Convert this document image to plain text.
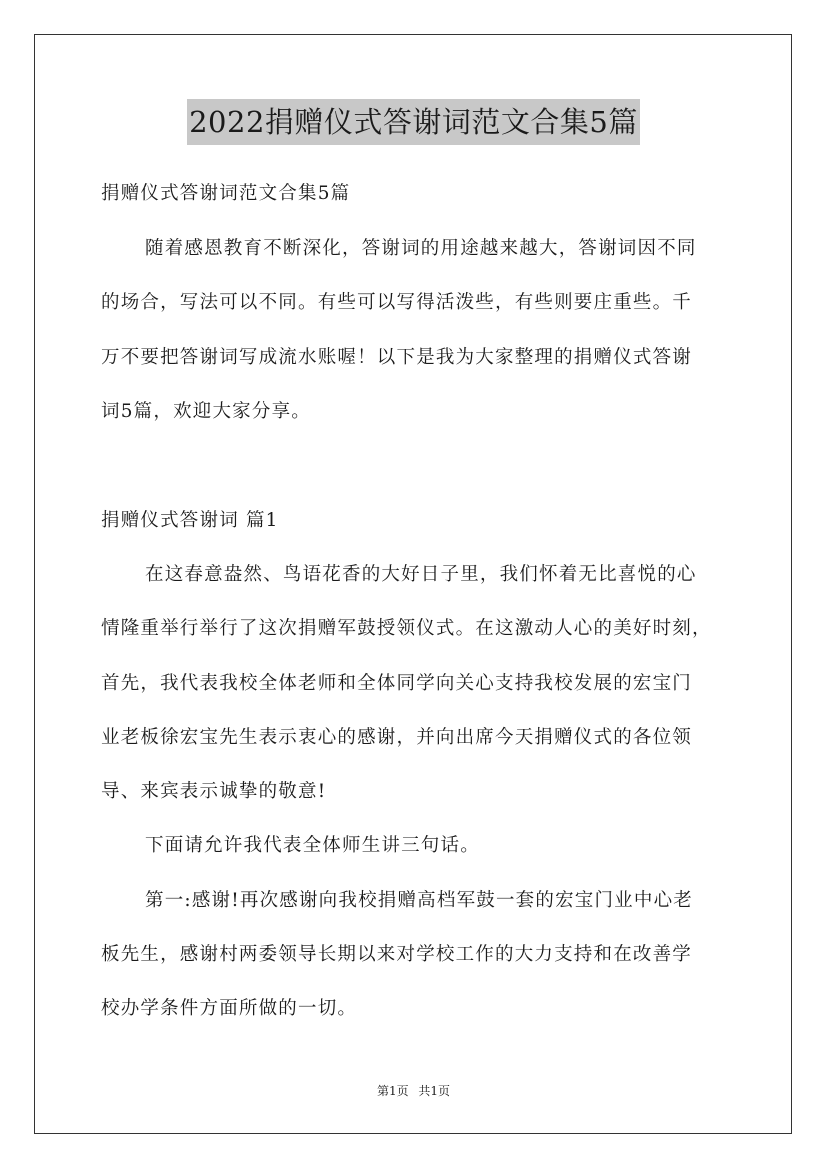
2022捐赠仪式答谢词范文合集5篇
捐赠仪式答谢词范文合集5篇
随着感恩教育不断深化，答谢词的用途越来越大，答谢词因不同
的场合，写法可以不同。有些可以写得活泼些，有些则要庄重些。千
万不要把答谢词写成流水账喔！以下是我为大家整理的捐赠仪式答谢
词5篇，欢迎大家分享。
捐赠仪式答谢词 篇1
在这春意盎然、鸟语花香的大好日子里，我们怀着无比喜悦的心
情隆重举行举行了这次捐赠军鼓授领仪式。在这激动人心的美好时刻，
首先，我代表我校全体老师和全体同学向关心支持我校发展的宏宝门
业老板徐宏宝先生表示衷心的感谢，并向出席今天捐赠仪式的各位领
导、来宾表示诚挚的敬意!
下面请允许我代表全体师生讲三句话。
第一:感谢!再次感谢向我校捐赠高档军鼓一套的宏宝门业中心老
板先生，感谢村两委领导长期以来对学校工作的大力支持和在改善学
校办学条件方面所做的一切。
第1页 共1页
